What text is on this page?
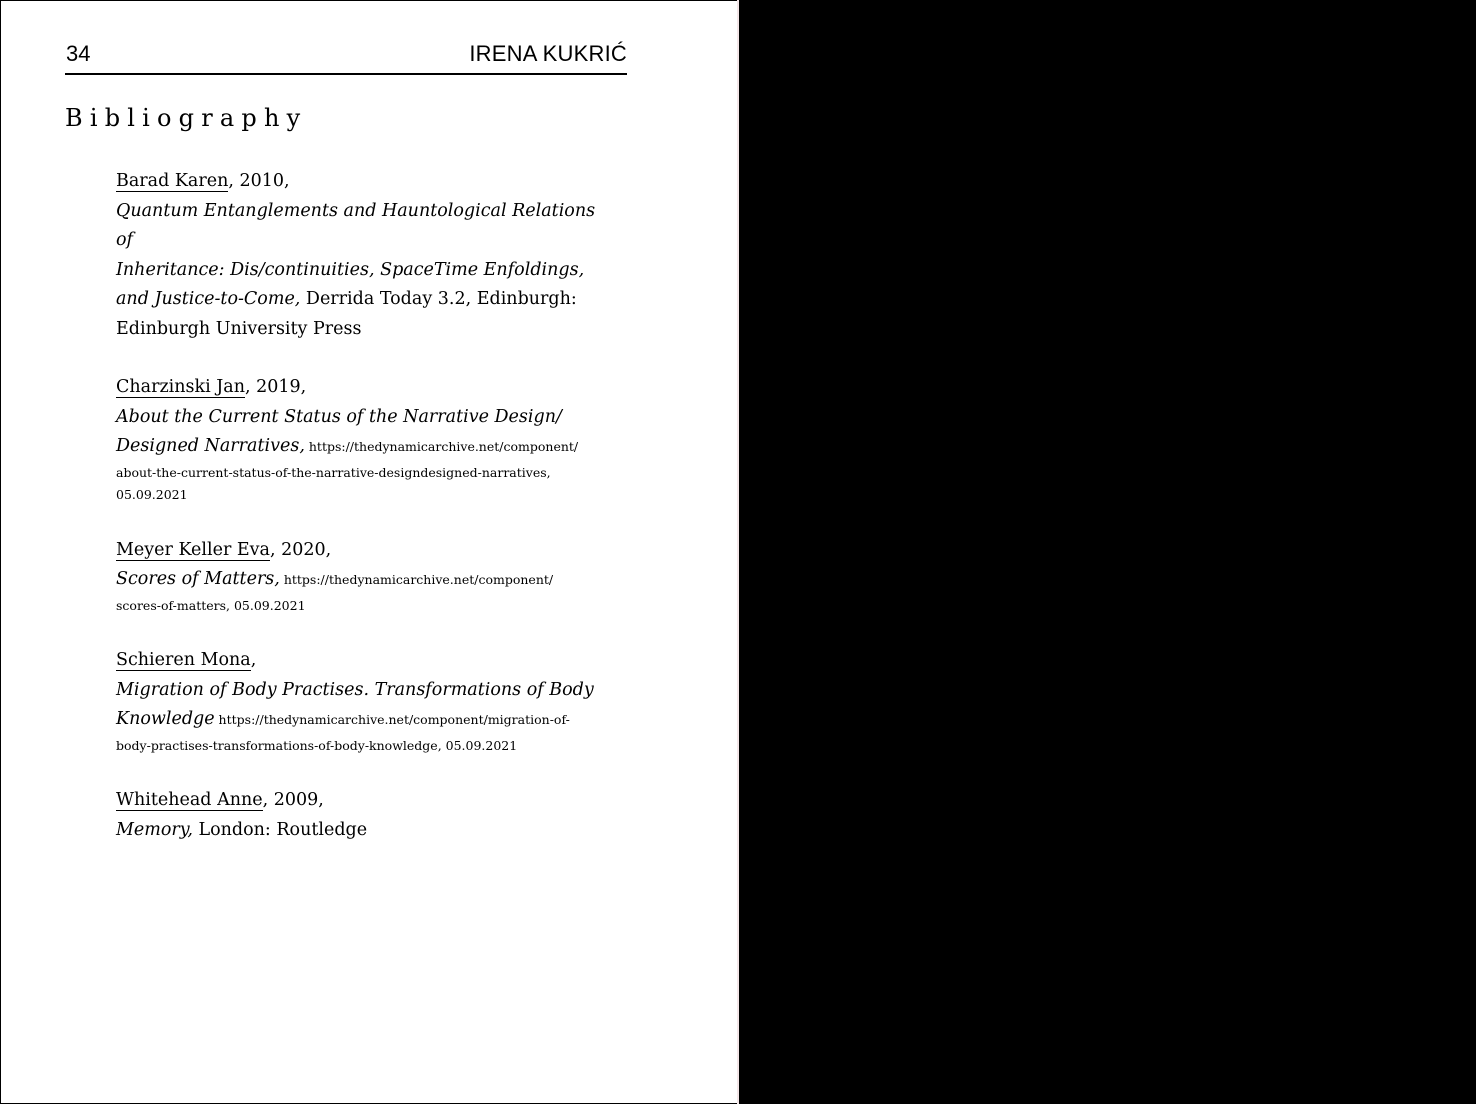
34	IRENA KUKRIĆ
Bibliography
Barad Karen, 2010,
Quantum Entanglements and Hauntological Relations of
Inheritance: Dis/continuities, SpaceTime Enfoldings,
and Justice-to-Come, Derrida Today 3.2, Edinburgh:
Edinburgh University Press
Charzinski Jan, 2019,
About the Current Status of the Narrative Design/
Designed Narratives, https://thedynamicarchive.net/component/
about-the-current-status-of-the-narrative-designdesigned-narratives,
05.09.2021
Meyer Keller Eva, 2020,
Scores of Matters, https://thedynamicarchive.net/component/
scores-of-matters, 05.09.2021
Schieren Mona,
Migration of Body Practises. Transformations of Body
Knowledge https://thedynamicarchive.net/component/migration-of-
body-practises-transformations-of-body-knowledge, 05.09.2021
Whitehead Anne, 2009,
Memory, London: Routledge
